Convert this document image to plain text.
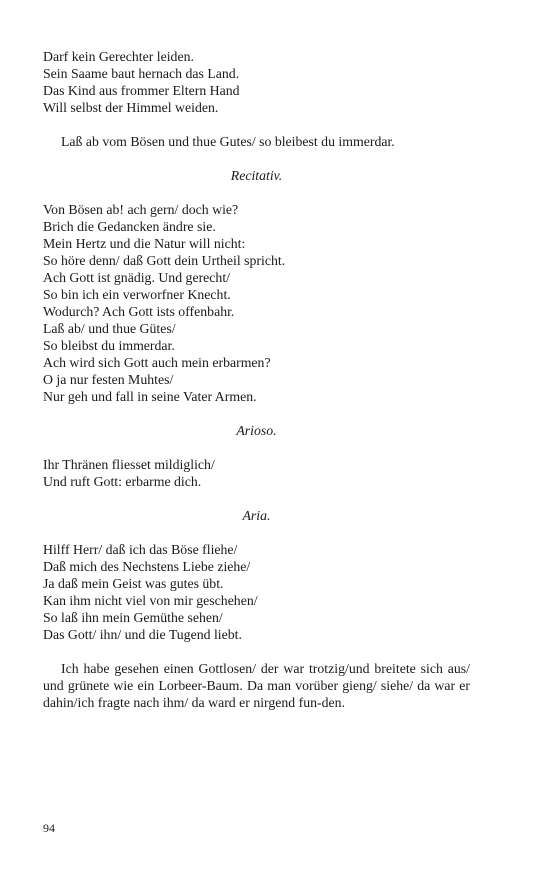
Darf kein Gerechter leiden.
Sein Saame baut hernach das Land.
Das Kind aus frommer Eltern Hand
Will selbst der Himmel weiden.

Laß ab vom Bösen und thue Gutes/ so bleibest du immerdar.

Recitativ.
Von Bösen ab! ach gern/ doch wie?
Brich die Gedancken ändre sie.
Mein Hertz und die Natur will nicht:
So höre denn/ daß Gott dein Urtheil spricht.
Ach Gott ist gnädig. Und gerecht/
So bin ich ein verworfner Knecht.
Wodurch? Ach Gott ists offenbahr.
Laß ab/ und thue Gütes/
So bleibst du immerdar.
Ach wird sich Gott auch mein erbarmen?
O ja nur festen Muhtes/
Nur geh und fall in seine Vater Armen.
Arioso.
Ihr Thränen fliesset mildiglich/
Und ruft Gott: erbarme dich.
Aria.
Hilff Herr/ daß ich das Böse fliehe/
Daß mich des Nechstens Liebe ziehe/
Ja daß mein Geist was gutes übt.
Kan ihm nicht viel von mir geschehen/
So laß ihn mein Gemüthe sehen/
Das Gott/ ihn/ und die Tugend liebt.

Ich habe gesehen einen Gottlosen/ der war trotzig/und breitete sich aus/ und grünete wie ein Lorbeer-Baum. Da man vorüber gieng/ siehe/ da war er dahin/ich fragte nach ihm/ da ward er nirgend fun-den.

94
